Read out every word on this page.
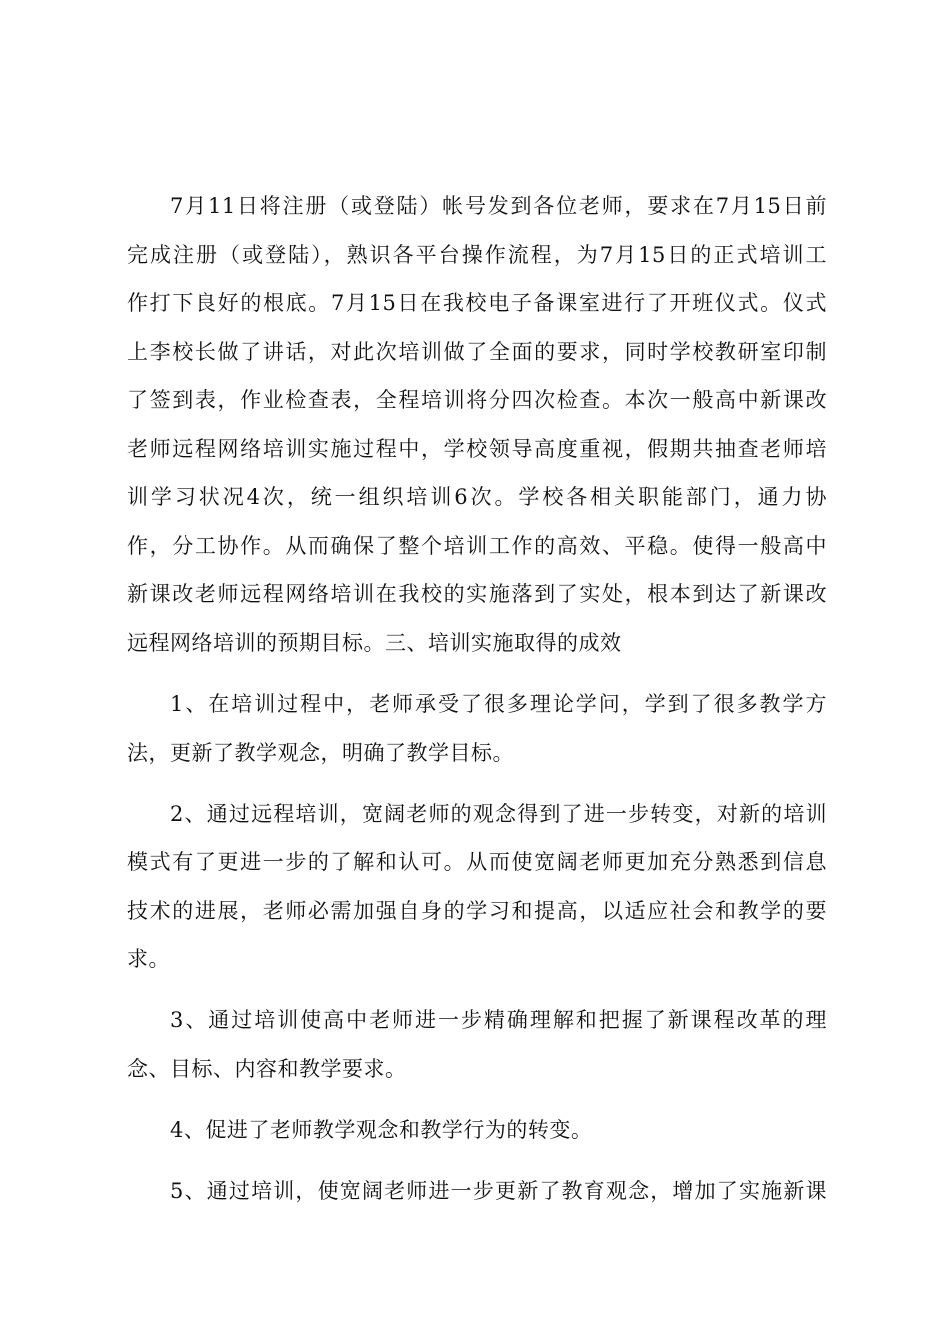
7月11日将注册（或登陆）帐号发到各位老师，要求在7月15日前
完成注册（或登陆），熟识各平台操作流程，为7月15日的正式培训工
作打下良好的根底。7月15日在我校电子备课室进行了开班仪式。仪式
上李校长做了讲话，对此次培训做了全面的要求，同时学校教研室印制
了签到表，作业检查表，全程培训将分四次检查。本次一般高中新课改
老师远程网络培训实施过程中，学校领导高度重视，假期共抽查老师培
训学习状况4次，统一组织培训6次。学校各相关职能部门，通力协
作，分工协作。从而确保了整个培训工作的高效、平稳。使得一般高中
新课改老师远程网络培训在我校的实施落到了实处，根本到达了新课改
远程网络培训的预期目标。三、培训实施取得的成效
1、在培训过程中，老师承受了很多理论学问，学到了很多教学方
法，更新了教学观念，明确了教学目标。
2、通过远程培训，宽阔老师的观念得到了进一步转变，对新的培训
模式有了更进一步的了解和认可。从而使宽阔老师更加充分熟悉到信息
技术的进展，老师必需加强自身的学习和提高，以适应社会和教学的要
求。
3、通过培训使高中老师进一步精确理解和把握了新课程改革的理
念、目标、内容和教学要求。
4、促进了老师教学观念和教学行为的转变。
5、通过培训，使宽阔老师进一步更新了教育观念，增加了实施新课
